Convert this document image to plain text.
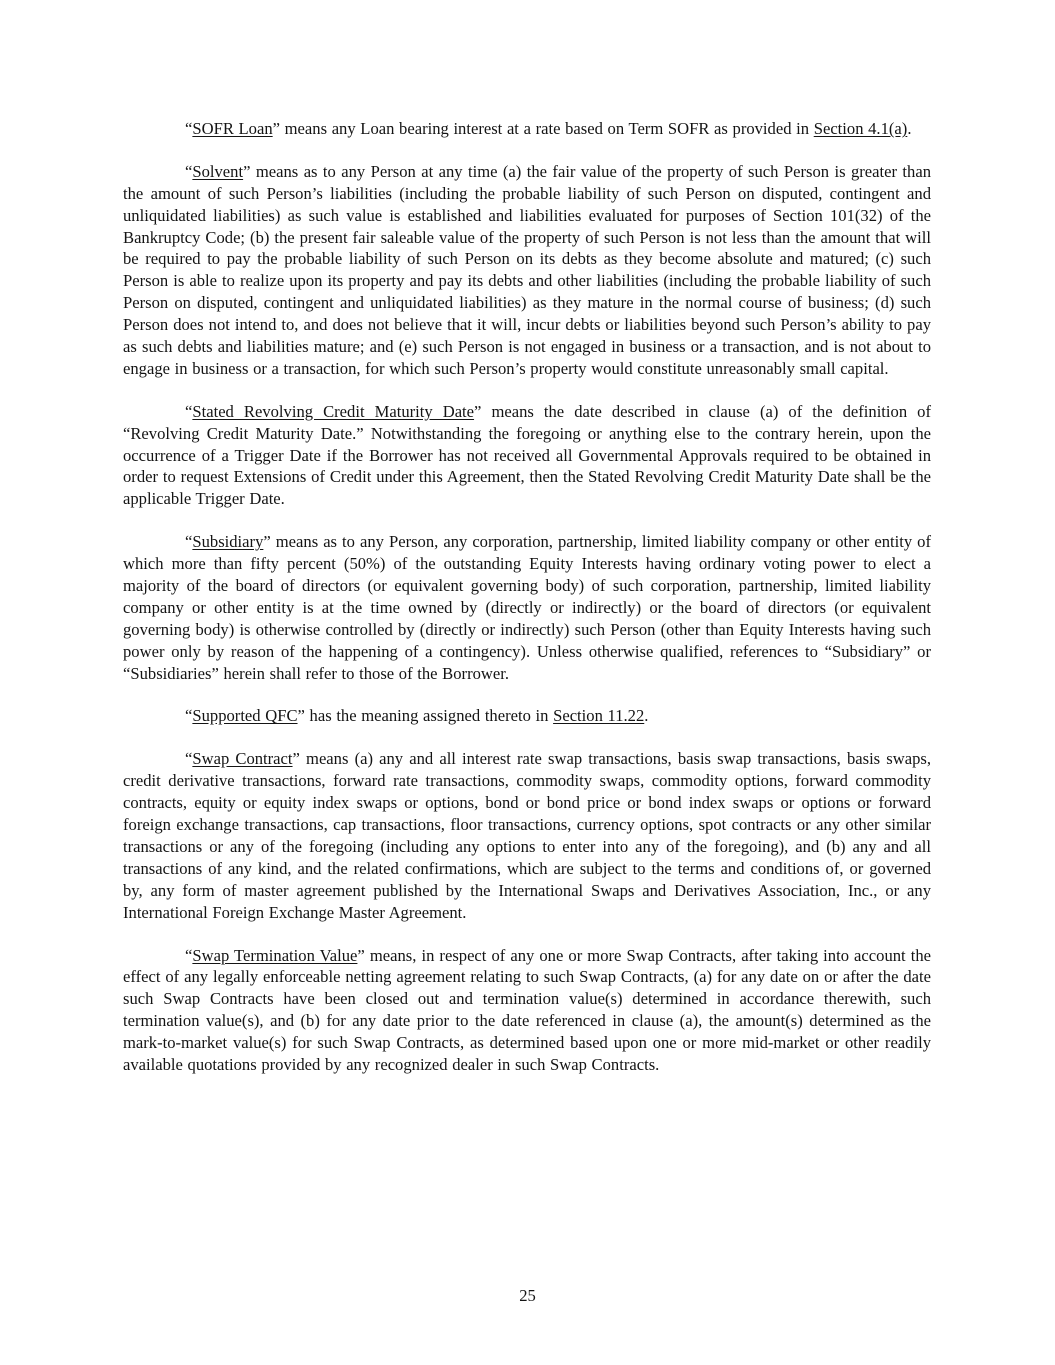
“SOFR Loan” means any Loan bearing interest at a rate based on Term SOFR as provided in Section 4.1(a).

“Solvent” means as to any Person at any time (a) the fair value of the property of such Person is greater than the amount of such Person’s liabilities (including the probable liability of such Person on disputed, contingent and unliquidated liabilities) as such value is established and liabilities evaluated for purposes of Section 101(32) of the Bankruptcy Code; (b) the present fair saleable value of the property of such Person is not less than the amount that will be required to pay the probable liability of such Person on its debts as they become absolute and matured; (c) such Person is able to realize upon its property and pay its debts and other liabilities (including the probable liability of such Person on disputed, contingent and unliquidated liabilities) as they mature in the normal course of business; (d) such Person does not intend to, and does not believe that it will, incur debts or liabilities beyond such Person’s ability to pay as such debts and liabilities mature; and (e) such Person is not engaged in business or a transaction, and is not about to engage in business or a transaction, for which such Person’s property would constitute unreasonably small capital.

“Stated Revolving Credit Maturity Date” means the date described in clause (a) of the definition of “Revolving Credit Maturity Date.” Notwithstanding the foregoing or anything else to the contrary herein, upon the occurrence of a Trigger Date if the Borrower has not received all Governmental Approvals required to be obtained in order to request Extensions of Credit under this Agreement, then the Stated Revolving Credit Maturity Date shall be the applicable Trigger Date.

“Subsidiary” means as to any Person, any corporation, partnership, limited liability company or other entity of which more than fifty percent (50%) of the outstanding Equity Interests having ordinary voting power to elect a majority of the board of directors (or equivalent governing body) of such corporation, partnership, limited liability company or other entity is at the time owned by (directly or indirectly) or the board of directors (or equivalent governing body) is otherwise controlled by (directly or indirectly) such Person (other than Equity Interests having such power only by reason of the happening of a contingency). Unless otherwise qualified, references to “Subsidiary” or “Subsidiaries” herein shall refer to those of the Borrower.

“Supported QFC” has the meaning assigned thereto in Section 11.22.

“Swap Contract” means (a) any and all interest rate swap transactions, basis swap transactions, basis swaps, credit derivative transactions, forward rate transactions, commodity swaps, commodity options, forward commodity contracts, equity or equity index swaps or options, bond or bond price or bond index swaps or options or forward foreign exchange transactions, cap transactions, floor transactions, currency options, spot contracts or any other similar transactions or any of the foregoing (including any options to enter into any of the foregoing), and (b) any and all transactions of any kind, and the related confirmations, which are subject to the terms and conditions of, or governed by, any form of master agreement published by the International Swaps and Derivatives Association, Inc., or any International Foreign Exchange Master Agreement.

“Swap Termination Value” means, in respect of any one or more Swap Contracts, after taking into account the effect of any legally enforceable netting agreement relating to such Swap Contracts, (a) for any date on or after the date such Swap Contracts have been closed out and termination value(s) determined in accordance therewith, such termination value(s), and (b) for any date prior to the date referenced in clause (a), the amount(s) determined as the mark-to-market value(s) for such Swap Contracts, as determined based upon one or more mid-market or other readily available quotations provided by any recognized dealer in such Swap Contracts.

25
